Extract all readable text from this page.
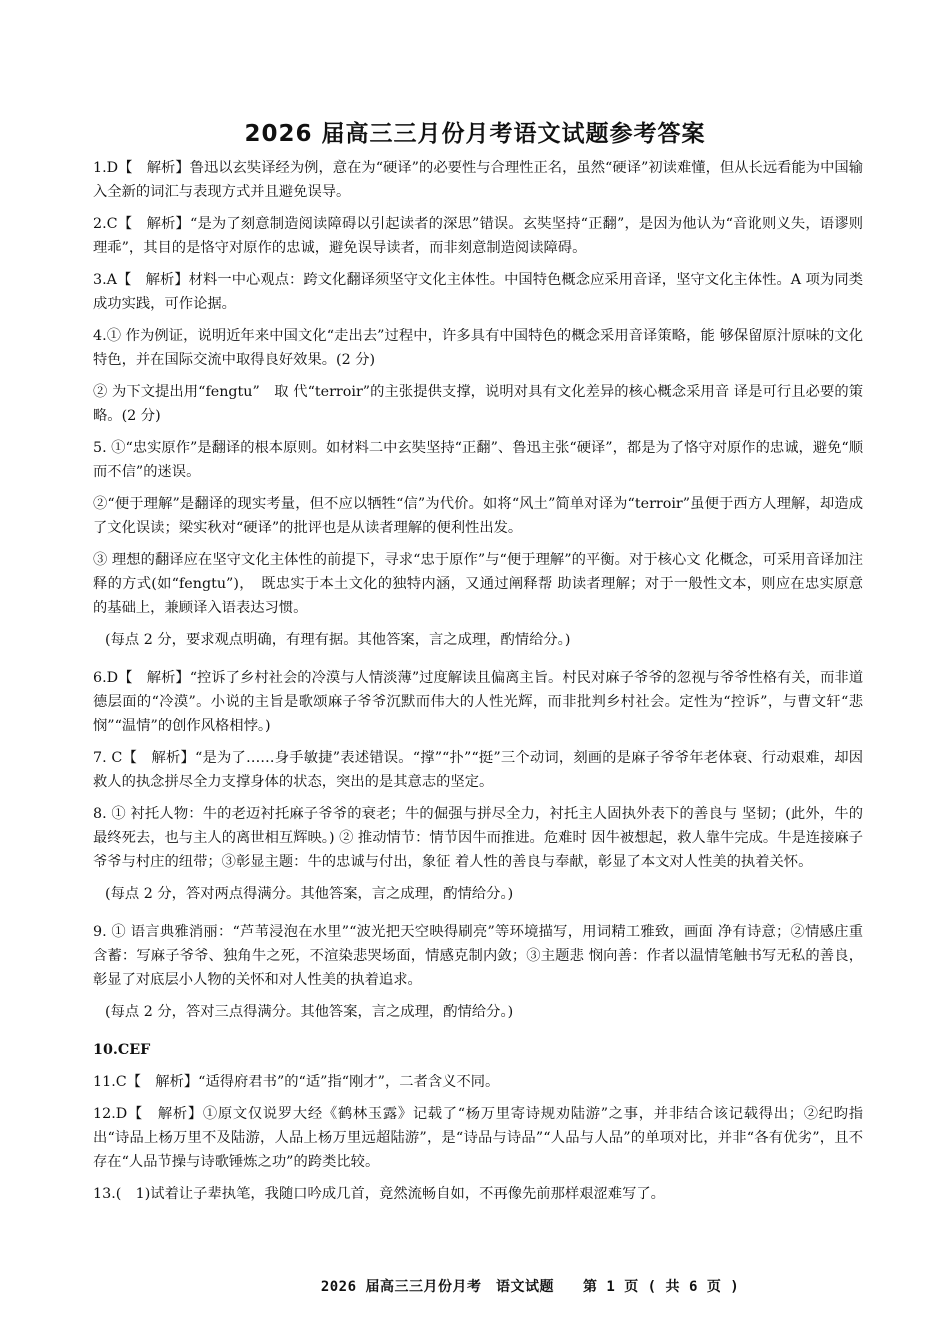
2026 届高三三月份月考语文试题参考答案

1.D【　解析】鲁迅以玄奘译经为例，意在为“硬译”的必要性与合理性正名，虽然“硬译”初读难懂，但从长远看能为中国输入全新的词汇与表现方式并且避免误导。

2.C【　解析】“是为了刻意制造阅读障碍以引起读者的深思”错误。玄奘坚持“正翻”，是因为他认为“音讹则义失，语谬则理乖”，其目的是恪守对原作的忠诚，避免误导读者，而非刻意制造阅读障碍。

3.A【　解析】材料一中心观点：跨文化翻译须坚守文化主体性。中国特色概念应采用音译，坚守文化主体性。A 项为同类成功实践，可作论据。

4.① 作为例证，说明近年来中国文化“走出去”过程中，许多具有中国特色的概念采用音译策略，能 够保留原汁原味的文化特色，并在国际交流中取得良好效果。(2 分)

② 为下文提出用“fengtu”　取 代“terroir”的主张提供支撑，说明对具有文化差异的核心概念采用音 译是可行且必要的策略。(2 分)

5. ①“忠实原作”是翻译的根本原则。如材料二中玄奘坚持“正翻”、鲁迅主张“硬译”，都是为了恪守对原作的忠诚，避免“顺而不信”的迷误。

②“便于理解”是翻译的现实考量，但不应以牺牲“信”为代价。如将“风土”简单对译为“terroir”虽便于西方人理解，却造成了文化误读；梁实秋对“硬译”的批评也是从读者理解的便利性出发。

③ 理想的翻译应在坚守文化主体性的前提下，寻求“忠于原作”与“便于理解”的平衡。对于核心文 化概念，可采用音译加注释的方式(如“fengtu”)，　既忠实于本土文化的独特内涵，又通过阐释帮 助读者理解；对于一般性文本，则应在忠实原意的基础上，兼顾译入语表达习惯。

(每点 2 分，要求观点明确，有理有据。其他答案，言之成理，酌情给分。)

6.D【　解析】“控诉了乡村社会的冷漠与人情淡薄”过度解读且偏离主旨。村民对麻子爷爷的忽视与爷爷性格有关，而非道德层面的“冷漠”。小说的主旨是歌颂麻子爷爷沉默而伟大的人性光辉，而非批判乡村社会。定性为“控诉”，与曹文轩“悲悯”“温情”的创作风格相悖。)

7. C【　解析】“是为了……身手敏捷”表述错误。“撑”“扑”“挺”三个动词，刻画的是麻子爷爷年老体衰、行动艰难，却因救人的执念拼尽全力支撑身体的状态，突出的是其意志的坚定。

8. ① 衬托人物：牛的老迈衬托麻子爷爷的衰老；牛的倔强与拼尽全力，衬托主人固执外表下的善良与 坚韧；(此外，牛的最终死去，也与主人的离世相互辉映。) ② 推动情节：情节因牛而推进。危难时 因牛被想起，救人靠牛完成。牛是连接麻子爷爷与村庄的纽带；③彰显主题：牛的忠诚与付出，象征 着人性的善良与奉献，彰显了本文对人性美的执着关怀。

(每点 2 分，答对两点得满分。其他答案，言之成理，酌情给分。)

9. ① 语言典雅消丽：“芦苇浸泡在水里”“波光把天空映得刷亮”等环境描写，用词精工雅致，画面 净有诗意；②情感庄重含蓄：写麻子爷爷、独角牛之死，不渲染悲哭场面，情感克制内敛；③主题悲 悯向善：作者以温情笔触书写无私的善良，彰显了对底层小人物的关怀和对人性美的执着追求。

(每点 2 分，答对三点得满分。其他答案，言之成理，酌情给分。)

10.CEF

11.C【　解析】“适得府君书”的“适”指“刚才”，二者含义不同。

12.D【　解析】①原文仅说罗大经《鹤林玉露》记载了“杨万里寄诗规劝陆游”之事，并非结合该记载得出；②纪昀指出“诗品上杨万里不及陆游，人品上杨万里远超陆游”，是“诗品与诗品”“人品与人品”的单项对比，并非“各有优劣”，且不存在“人品节操与诗歌锤炼之功”的跨类比较。

13.(　1)试着让子辈执笔，我随口吟成几首，竟然流畅自如，不再像先前那样艰涩难写了。

2026 届高三三月份月考　语文试题　　第 1 页 ( 共 6 页 )
